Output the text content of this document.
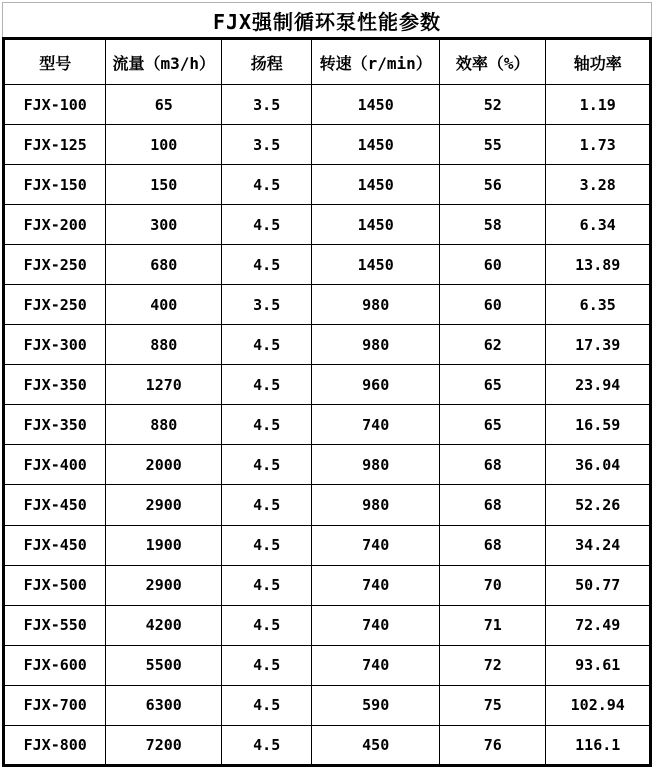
FJX强制循环泵性能参数
型号	流量（m3/h）	扬程	转速（r/min）	效率（%）	轴功率
FJX-100	65	3.5	1450	52	1.19
FJX-125	100	3.5	1450	55	1.73
FJX-150	150	4.5	1450	56	3.28
FJX-200	300	4.5	1450	58	6.34
FJX-250	680	4.5	1450	60	13.89
FJX-250	400	3.5	980	60	6.35
FJX-300	880	4.5	980	62	17.39
FJX-350	1270	4.5	960	65	23.94
FJX-350	880	4.5	740	65	16.59
FJX-400	2000	4.5	980	68	36.04
FJX-450	2900	4.5	980	68	52.26
FJX-450	1900	4.5	740	68	34.24
FJX-500	2900	4.5	740	70	50.77
FJX-550	4200	4.5	740	71	72.49
FJX-600	5500	4.5	740	72	93.61
FJX-700	6300	4.5	590	75	102.94
FJX-800	7200	4.5	450	76	116.1
